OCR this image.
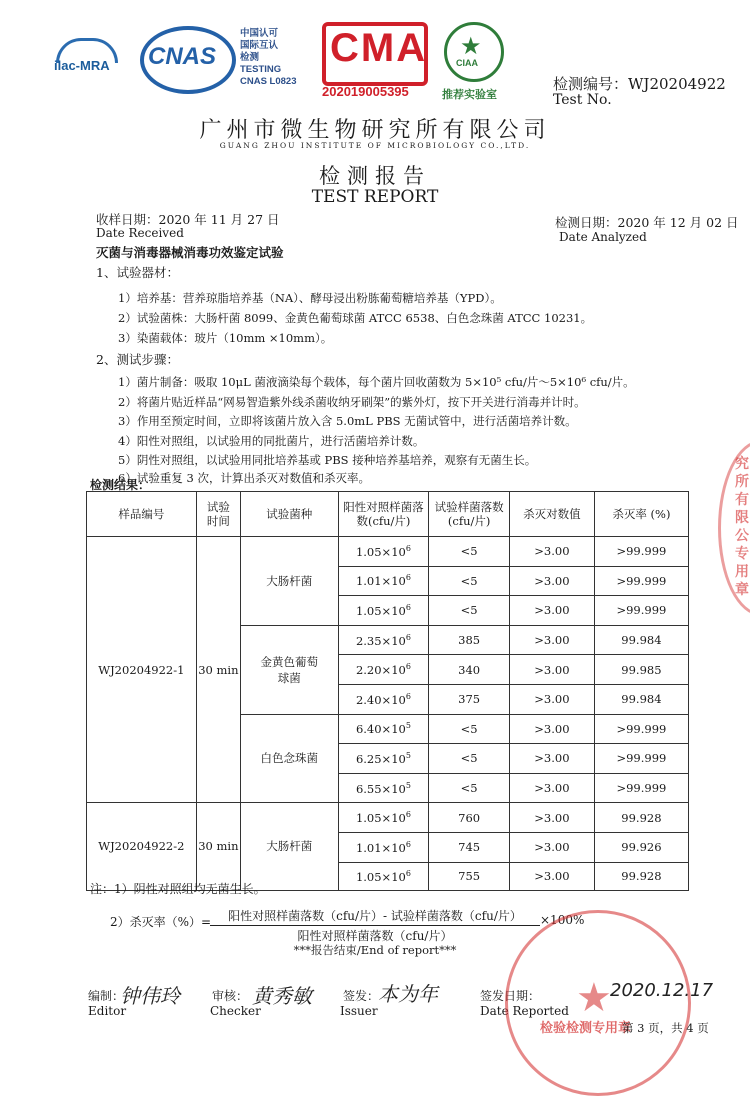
ilac-MRA CNAS
中国认可
国际互认
检测
TESTING
CNAS L0823
CMA
202019005395
★
CIAA
推荐实验室
检测编号：WJ20204922
Test No.
广州市微生物研究所有限公司
GUANG ZHOU INSTITUTE OF MICROBIOLOGY CO.,LTD.
检测报告
TEST REPORT
收样日期：2020 年 11 月 27 日
Date Received
检测日期：2020 年 12 月 02 日
Date Analyzed
灭菌与消毒器械消毒功效鉴定试验
1、试验器材：
1）培养基：营养琼脂培养基（NA）、酵母浸出粉胨葡萄糖培养基（YPD）。
2）试验菌株：大肠杆菌 8099、金黄色葡萄球菌 ATCC 6538、白色念珠菌 ATCC 10231。
3）染菌载体：玻片（10mm ×10mm）。
2、测试步骤：
1）菌片制备：吸取 10μL 菌液滴染每个载体，每个菌片回收菌数为 5×10⁵ cfu/片～5×10⁶ cfu/片。
2）将菌片贴近样品“网易智造紫外线杀菌收纳牙刷架”的紫外灯，按下开关进行消毒并计时。
3）作用至预定时间，立即将该菌片放入含 5.0mL PBS 无菌试管中，进行活菌培养计数。
4）阳性对照组，以试验用的同批菌片，进行活菌培养计数。
5）阴性对照组，以试验用同批培养基或 PBS 接种培养基培养，观察有无菌生长。
6）试验重复 3 次，计算出杀灭对数值和杀灭率。
检测结果：
样品编号	试验时间	试验菌种	阳性对照样菌落数(cfu/片)	试验样菌落数(cfu/片)	杀灭对数值	杀灭率 (%)
WJ20204922-1	30 min	大肠杆菌	$1.05\times 10^6$	<5	>3.00	>99.999
			$1.01\times 10^6$	<5	>3.00	>99.999
			$1.05\times 10^6$	<5	>3.00	>99.999

		金黄色葡萄球菌	$2.35\times 10^6$	385	>3.00	99.984
			$2.20\times 10^6$	340	>3.00	99.985
			$2.40\times 10^6$	375	>3.00	99.984

		白色念珠菌	$6.40\times 10^5$	<5	>3.00	>99.999
			$6.25\times 10^5$	<5	>3.00	>99.999
			$6.55\times 10^5$	<5	>3.00	>99.999
WJ20204922-2	30 min	大肠杆菌	$1.05\times 10^6$	760	>3.00	99.928
			$1.01\times 10^6$	745	>3.00	99.926
			$1.05\times 10^6$	755	>3.00	99.928
注：1）阴性对照组均无菌生长。
2）杀灭率（%）=	阳性对照样菌落数（cfu/片）- 试验样菌落数（cfu/片）
阳性对照样菌落数（cfu/片）
×100%
***报告结束/End of report***
编制：
Editor
钟伟玲	审核：
Checker
黄秀敏	签发：
Issuer
本为年	签发日期：
Date Reported
2020.12.17
★
检验检测专用章
究所有限公专用章
第 3 页，共 4 页
